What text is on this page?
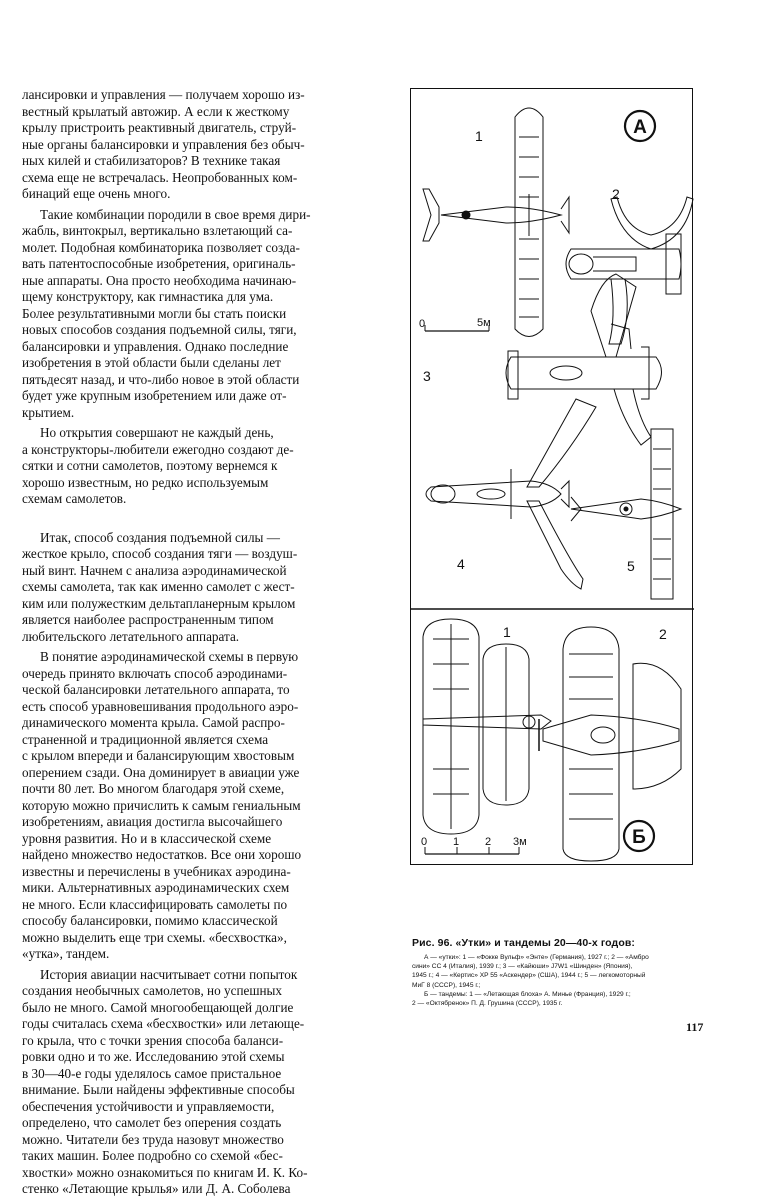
лансировки и управления — получаем хорошо из-

вестный крылатый автожир. А если к жесткому

крылу пристроить реактивный двигатель, струй-

ные органы балансировки и управления без обыч-

ных килей и стабилизаторов? В технике такая

схема еще не встречалась. Неопробованных ком-

бинаций еще очень много.

Такие комбинации породили в свое время дири-

жабль, винтокрыл, вертикально взлетающий са-

молет. Подобная комбинаторика позволяет созда-

вать патентоспособные изобретения, оригиналь-

ные аппараты. Она просто необходима начинаю-

щему конструктору, как гимнастика для ума.

Более результативными могли бы стать поиски

новых способов создания подъемной силы, тяги,

балансировки и управления. Однако последние

изобретения в этой области были сделаны лет

пятьдесят назад, и что-либо новое в этой области

будет уже крупным изобретением или даже от-

крытием.

Но открытия совершают не каждый день,

а конструкторы-любители ежегодно создают де-

сятки и сотни самолетов, поэтому вернемся к

хорошо известным, но редко используемым

схемам самолетов.

Итак, способ создания подъемной силы —

жесткое крыло, способ создания тяги — воздуш-

ный винт. Начнем с анализа аэродинамической

схемы самолета, так как именно самолет с жест-

ким или полужестким дельтапланерным крылом

является наиболее распространенным типом

любительского летательного аппарата.

В понятие аэродинамической схемы в первую

очередь принято включать способ аэродинами-

ческой балансировки летательного аппарата, то

есть способ уравновешивания продольного аэро-

динамического момента крыла. Самой распро-

страненной и традиционной является схема

с крылом впереди и балансирующим хвостовым

оперением сзади. Она доминирует в авиации уже

почти 80 лет. Во многом благодаря этой схеме,

которую можно причислить к самым гениальным

изобретениям, авиация достигла высочайшего

уровня развития. Но и в классической схеме

найдено множество недостатков. Все они хорошо

известны и перечислены в учебниках аэродина-

мики. Альтернативных аэродинамических схем

не много. Если классифицировать самолеты по

способу балансировки, помимо классической

можно выделить еще три схемы. «бесхвостка»,

«утка», тандем.

История авиации насчитывает сотни попыток

создания необычных самолетов, но успешных

было не много. Самой многообещающей долгие

годы считалась схема «бесхвостки» или летающе-

го крыла, что с точки зрения способа баланси-

ровки одно и то же. Исследованию этой схемы

в 30—40-е годы уделялось самое пристальное

внимание. Были найдены эффективные способы

обеспечения устойчивости и управляемости,

определено, что самолет без оперения создать

можно. Читатели без труда назовут множество

таких машин. Более подробно со схемой «бес-

хвостки» можно ознакомиться по книгам И. К. Ко-

стенко «Летающие крылья» или Д. А. Соболева

А
1
2
3
0	5м
4	5
1	2
Б
0 1 2 3м

Рис. 96. «Утки» и тандемы 20—40-х годов:

А — «утки»: 1 — «Фокке Вульф» «Энте» (Германия), 1927 г.; 2 — «Амбро

сини» СС 4 (Италия), 1939 г.; 3 — «Кайюши» J7W1 «Шинден» (Япония),

1945 г.; 4 — «Кертис» XP 55 «Аскендер» (США), 1944 г.; 5 — легкомоторный

МиГ 8 (СССР), 1945 г.;

Б — тандемы: 1 — «Летающая блоха» А. Минье (Франция), 1929 г.;

2 — «Октябренок» П. Д. Грушина (СССР), 1935 г.

117
